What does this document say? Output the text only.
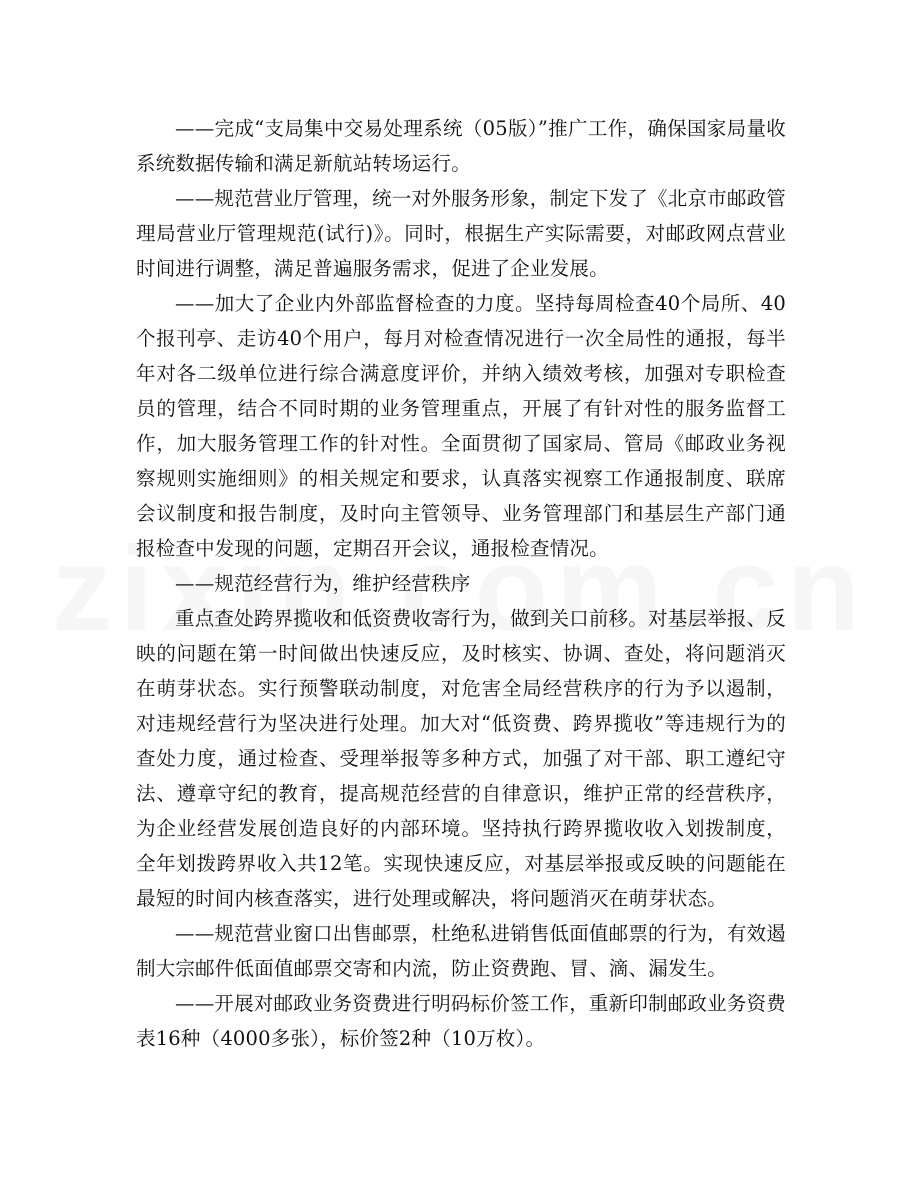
——完成“支局集中交易处理系统（05版）”推广工作，确保国家局量收系统数据传输和满足新航站转场运行。

——规范营业厅管理，统一对外服务形象，制定下发了《北京市邮政管理局营业厅管理规范(试行)》。同时，根据生产实际需要，对邮政网点营业时间进行调整，满足普遍服务需求，促进了企业发展。

——加大了企业内外部监督检查的力度。坚持每周检查40个局所、40个报刊亭、走访40个用户，每月对检查情况进行一次全局性的通报，每半年对各二级单位进行综合满意度评价，并纳入绩效考核，加强对专职检查员的管理，结合不同时期的业务管理重点，开展了有针对性的服务监督工作，加大服务管理工作的针对性。全面贯彻了国家局、管局《邮政业务视察规则实施细则》的相关规定和要求，认真落实视察工作通报制度、联席会议制度和报告制度，及时向主管领导、业务管理部门和基层生产部门通报检查中发现的问题，定期召开会议，通报检查情况。

——规范经营行为，维护经营秩序

重点查处跨界揽收和低资费收寄行为，做到关口前移。对基层举报、反映的问题在第一时间做出快速反应，及时核实、协调、查处，将问题消灭在萌芽状态。实行预警联动制度，对危害全局经营秩序的行为予以遏制，对违规经营行为坚决进行处理。加大对“低资费、跨界揽收”等违规行为的查处力度，通过检查、受理举报等多种方式，加强了对干部、职工遵纪守法、遵章守纪的教育，提高规范经营的自律意识，维护正常的经营秩序，为企业经营发展创造良好的内部环境。坚持执行跨界揽收收入划拨制度，全年划拨跨界收入共12笔。实现快速反应，对基层举报或反映的问题能在最短的时间内核查落实，进行处理或解决，将问题消灭在萌芽状态。

——规范营业窗口出售邮票，杜绝私进销售低面值邮票的行为，有效遏制大宗邮件低面值邮票交寄和内流，防止资费跑、冒、滴、漏发生。

——开展对邮政业务资费进行明码标价签工作，重新印制邮政业务资费表16种（4000多张），标价签2种（10万枚）。
